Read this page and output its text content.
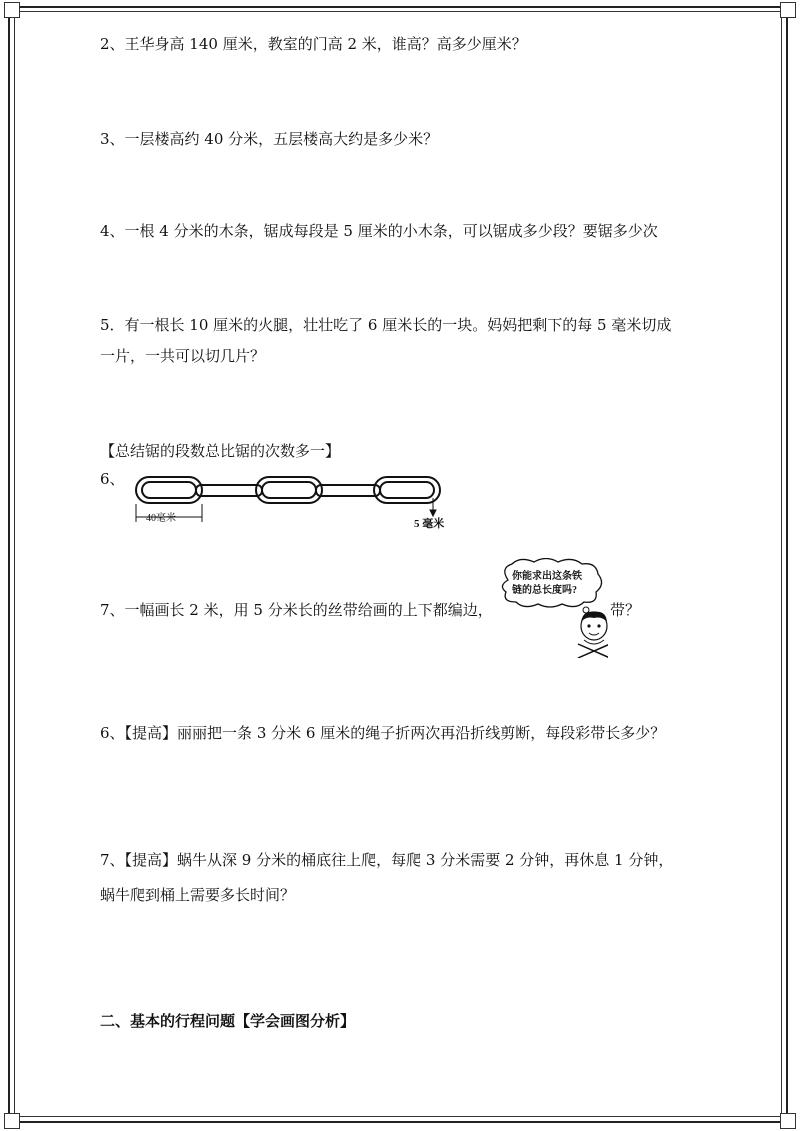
2、王华身高 140 厘米，教室的门高 2 米，谁高？高多少厘米？
3、一层楼高约 40 分米，五层楼高大约是多少米？
4、一根 4 分米的木条，锯成每段是 5 厘米的小木条，可以锯成多少段？要锯多少次
5．有一根长 10 厘米的火腿，壮壮吃了 6 厘米长的一块。妈妈把剩下的每 5 毫米切成
一片，一共可以切几片？
【总结锯的段数总比锯的次数多一】
6、
40毫米	5 毫米
7、一幅画长 2 米，用 5 分米长的丝带给画的上下都编边，	带？
你能求出这条铁
链的总长度吗?
6、【提高】丽丽把一条 3 分米 6 厘米的绳子折两次再沿折线剪断，每段彩带长多少？
7、【提高】蜗牛从深 9 分米的桶底往上爬，每爬 3 分米需要 2 分钟，再休息 1 分钟，
蜗牛爬到桶上需要多长时间？
二、基本的行程问题【学会画图分析】
